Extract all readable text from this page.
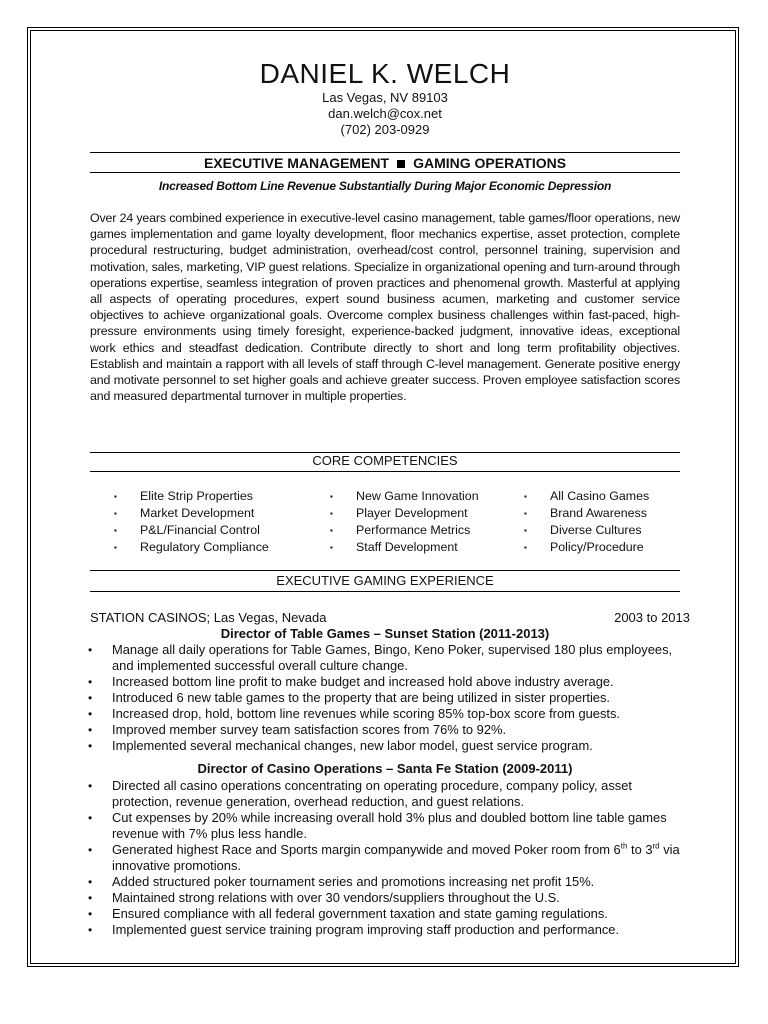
DANIEL K. WELCH
Las Vegas, NV 89103
dan.welch@cox.net
(702) 203-0929
EXECUTIVE MANAGEMENT GAMING OPERATIONS
Increased Bottom Line Revenue Substantially During Major Economic Depression
Over 24 years combined experience in executive-level casino management, table games/floor operations, new games implementation and game loyalty development, floor mechanics expertise, asset protection, complete procedural restructuring, budget administration, overhead/cost control, personnel training, supervision and motivation, sales, marketing, VIP guest relations. Specialize in organizational opening and turn-around through operations expertise, seamless integration of proven practices and phenomenal growth. Masterful at applying all aspects of operating procedures, expert sound business acumen, marketing and customer service objectives to achieve organizational goals. Overcome complex business challenges within fast-paced, high-pressure environments using timely foresight, experience-backed judgment, innovative ideas, exceptional work ethics and steadfast dedication. Contribute directly to short and long term profitability objectives. Establish and maintain a rapport with all levels of staff through C-level management. Generate positive energy and motivate personnel to set higher goals and achieve greater success. Proven employee satisfaction scores and measured departmental turnover in multiple properties.
CORE COMPETENCIES
▪ Elite Strip Properties
▪ Market Development
▪ P&L/Financial Control
▪ Regulatory Compliance
▪ New Game Innovation
▪ Player Development
▪ Performance Metrics
▪ Staff Development
▪ All Casino Games
▪ Brand Awareness
▪ Diverse Cultures
▪ Policy/Procedure
EXECUTIVE GAMING EXPERIENCE
STATION CASINOS; Las Vegas, Nevada	2003 to 2013
Director of Table Games – Sunset Station (2011-2013)
• Manage all daily operations for Table Games, Bingo, Keno Poker, supervised 180 plus employees, and implemented successful overall culture change.
• Increased bottom line profit to make budget and increased hold above industry average.
• Introduced 6 new table games to the property that are being utilized in sister properties.
• Increased drop, hold, bottom line revenues while scoring 85% top-box score from guests.
• Improved member survey team satisfaction scores from 76% to 92%.
• Implemented several mechanical changes, new labor model, guest service program.
Director of Casino Operations – Santa Fe Station (2009-2011)
• Directed all casino operations concentrating on operating procedure, company policy, asset protection, revenue generation, overhead reduction, and guest relations.
• Cut expenses by 20% while increasing overall hold 3% plus and doubled bottom line table games revenue with 7% plus less handle.
• Generated highest Race and Sports margin companywide and moved Poker room from 6th to 3rd via innovative promotions.
• Added structured poker tournament series and promotions increasing net profit 15%.
• Maintained strong relations with over 30 vendors/suppliers throughout the U.S.
• Ensured compliance with all federal government taxation and state gaming regulations.
• Implemented guest service training program improving staff production and performance.
